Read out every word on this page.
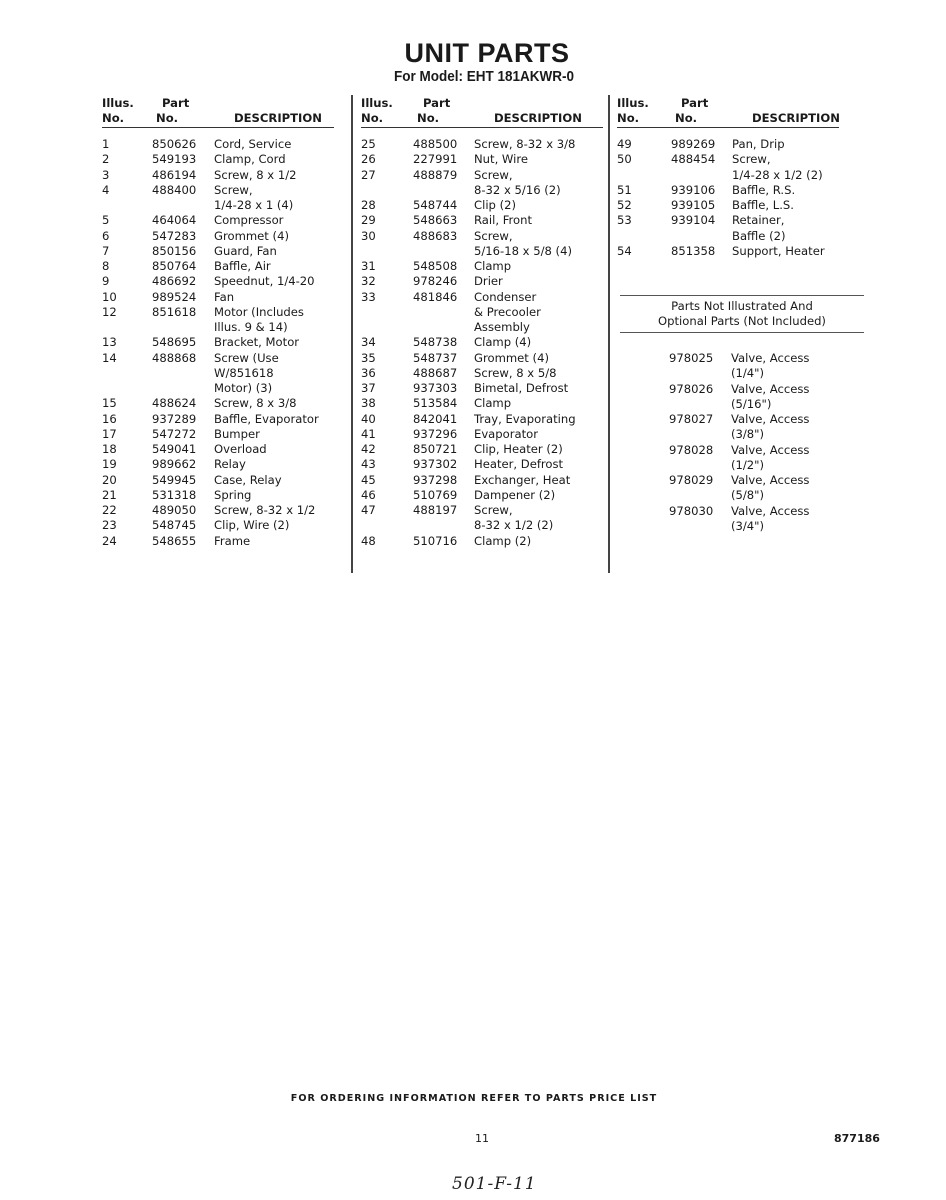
UNIT PARTS
For Model: EHT 181AKWR-0
Illus.
No.
Part
No.	DESCRIPTION
1	850626 Cord, Service
2	549193 Clamp, Cord
3	486194 Screw, 8 x 1/2
4	488400 Screw,
1/4-28 x 1 (4)
5	464064 Compressor
6	547283 Grommet (4)
7	850156 Guard, Fan
8	850764 Baffle, Air
9	486692 Speednut, 1/4-20
10	989524 Fan
12	851618 Motor (Includes
Illus. 9 & 14)
13	548695 Bracket, Motor
14	488868 Screw (Use
W/851618
Motor) (3)
15	488624 Screw, 8 x 3/8
16	937289 Baffle, Evaporator
17	547272 Bumper
18	549041 Overload
19	989662 Relay
20	549945 Case, Relay
21	531318 Spring
22	489050 Screw, 8-32 x 1/2
23	548745 Clip, Wire (2)
24	548655 Frame
Illus.
No.
Part
No.	DESCRIPTION
25	488500 Screw, 8-32 x 3/8
26	227991 Nut, Wire
27	488879 Screw,
8-32 x 5/16 (2)
28	548744 Clip (2)
29	548663 Rail, Front
30	488683 Screw,
5/16-18 x 5/8 (4)
31	548508 Clamp
32	978246 Drier
33	481846 Condenser
& Precooler
Assembly
34	548738 Clamp (4)
35	548737 Grommet (4)
36	488687 Screw, 8 x 5/8
37	937303 Bimetal, Defrost
38	513584 Clamp
40	842041 Tray, Evaporating
41	937296 Evaporator
42	850721 Clip, Heater (2)
43	937302 Heater, Defrost
45	937298 Exchanger, Heat
46	510769 Dampener (2)
47	488197 Screw,
8-32 x 1/2 (2)
48	510716 Clamp (2)
Illus.
No.
Part
No.	DESCRIPTION
49	989269 Pan, Drip
50	488454 Screw,
1/4-28 x 1/2 (2)
51	939106 Baffle, R.S.
52	939105 Baffle, L.S.
53	939104 Retainer,
Baffle (2)
54	851358 Support, Heater
Parts Not Illustrated And
Optional Parts (Not Included)
978025 Valve, Access
(1/4")
978026 Valve, Access
(5/16")
978027 Valve, Access
(3/8")
978028 Valve, Access
(1/2")
978029 Valve, Access
(5/8")
978030 Valve, Access
(3/4")
FOR ORDERING INFORMATION REFER TO PARTS PRICE LIST
11	877186
501-F-11
